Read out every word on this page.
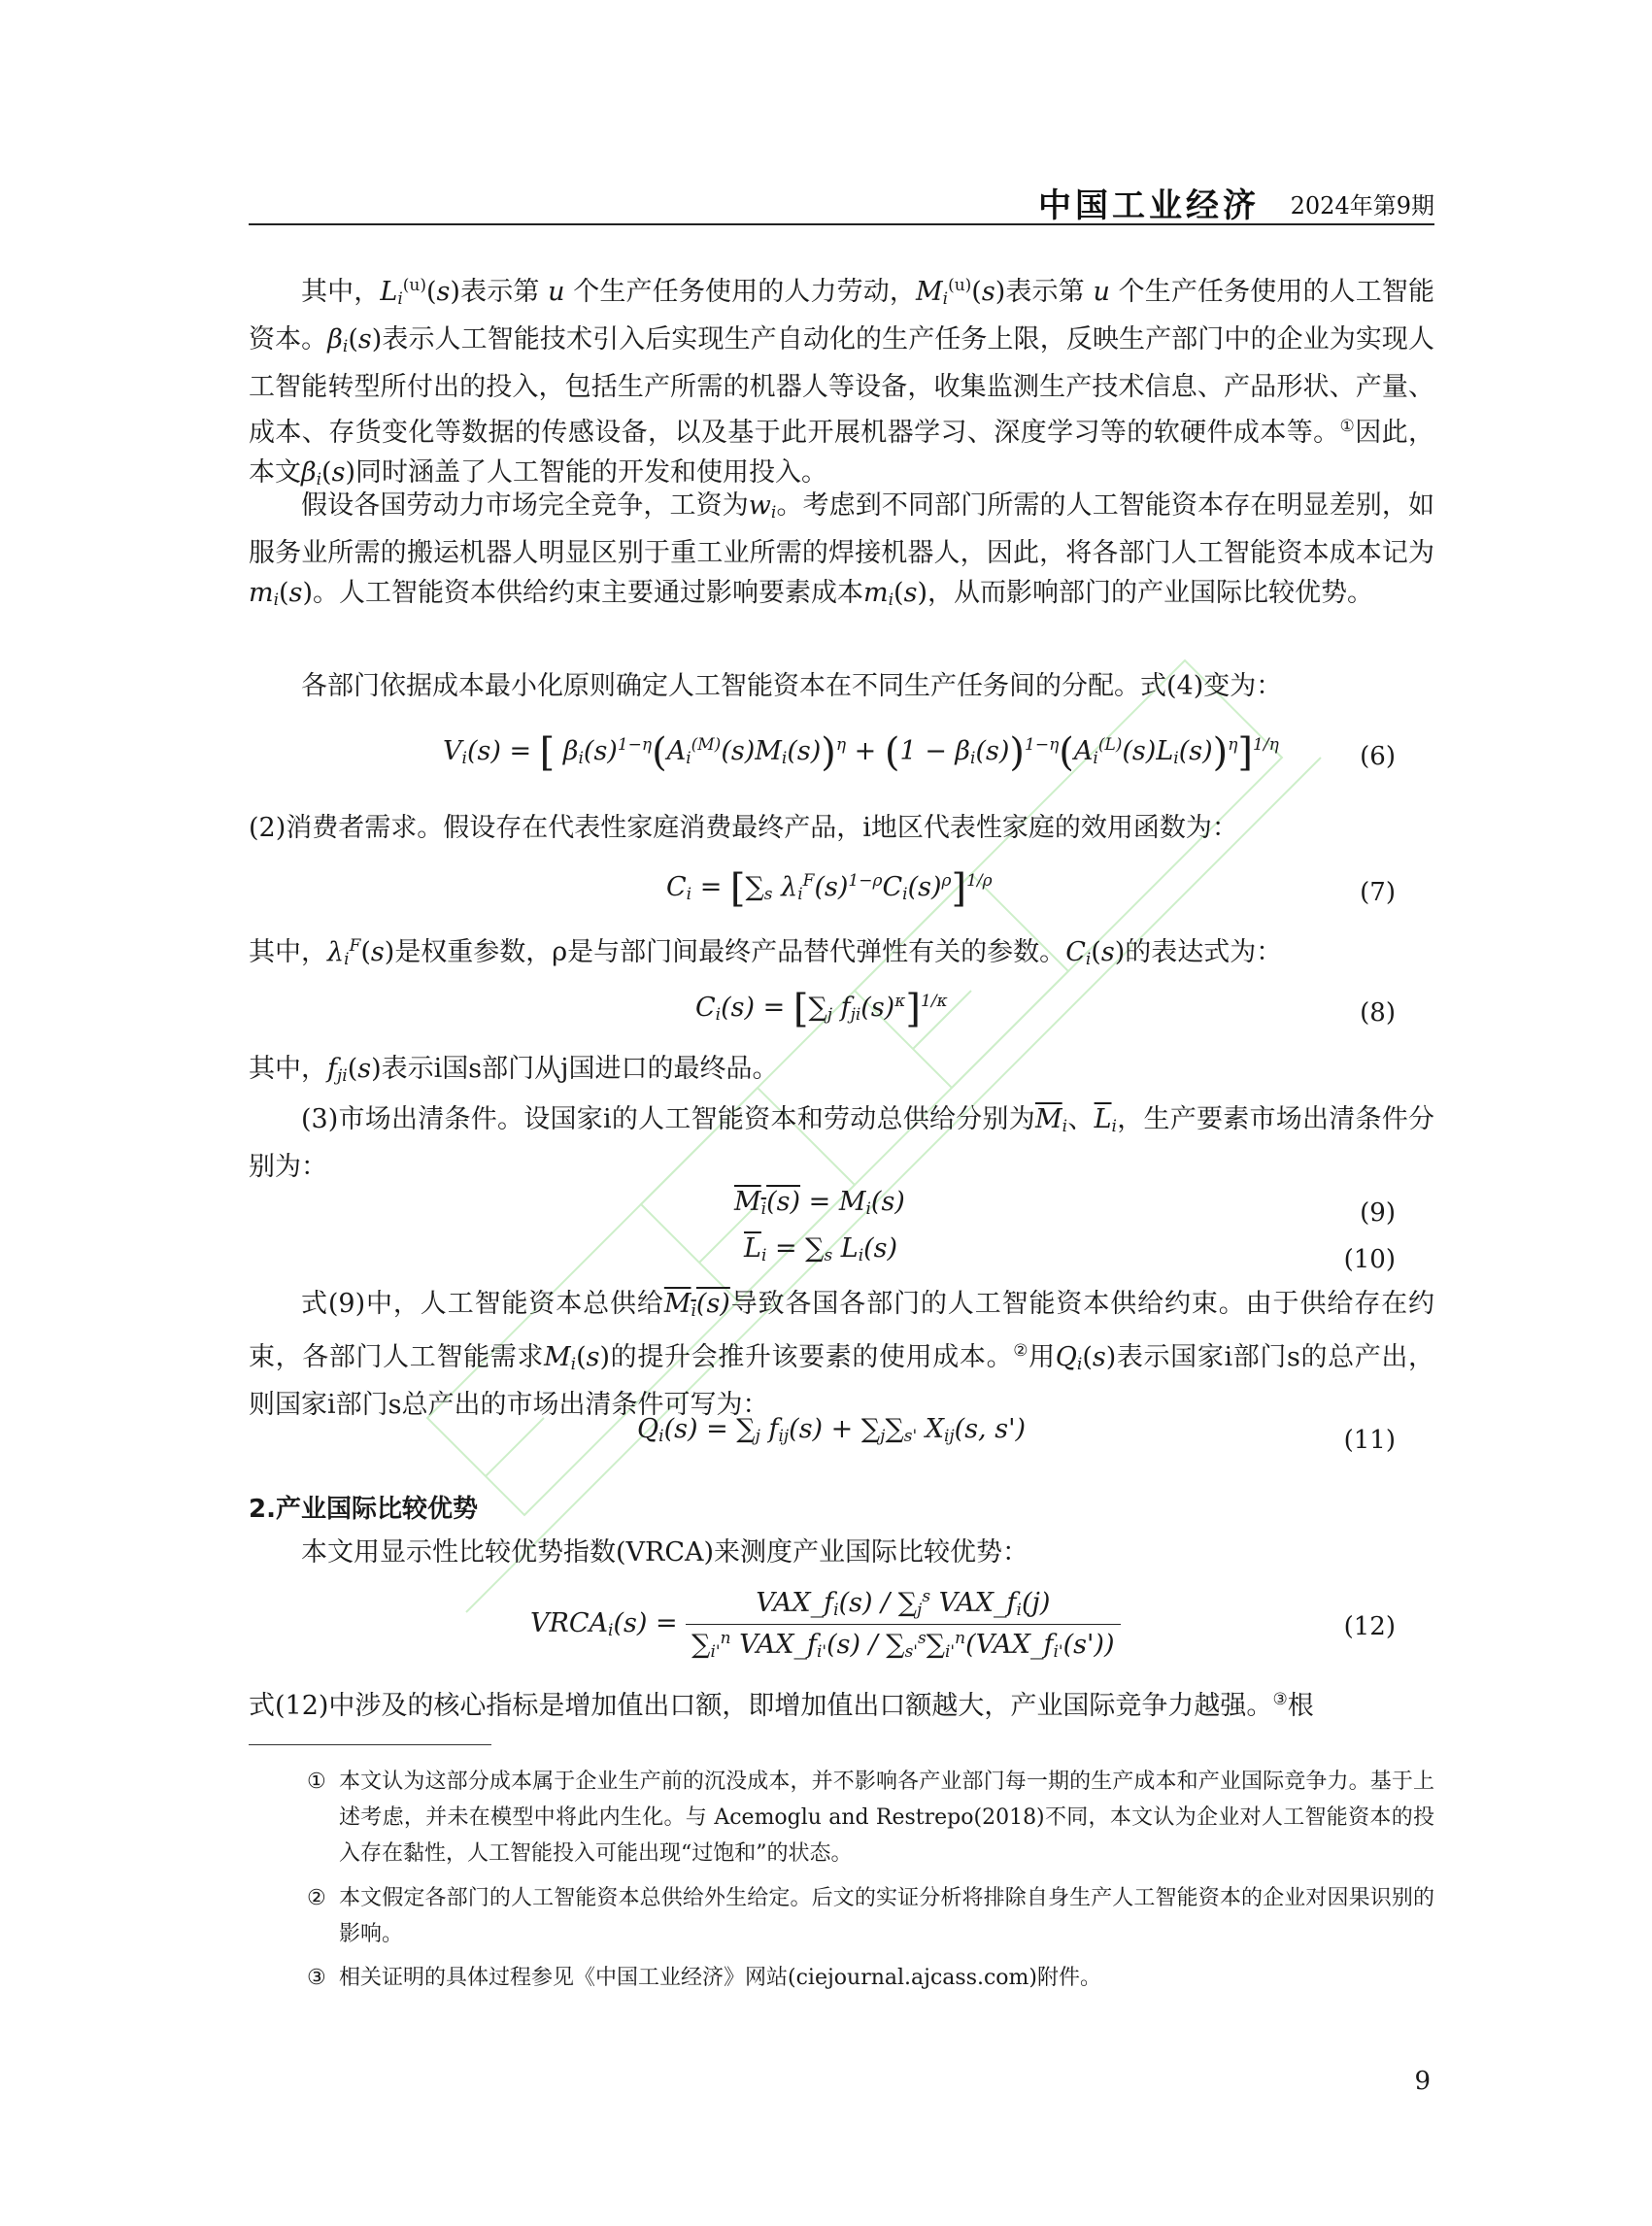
中国工业经济 2024年第9期

其中，$L_i^{(u)}(s)$表示第 u 个生产任务使用的人力劳动，$M_i^{(u)}(s)$表示第 u 个生产任务使用的人工智能资本。$\beta_i(s)$表示人工智能技术引入后实现生产自动化的生产任务上限，反映生产部门中的企业为实现人工智能转型所付出的投入，包括生产所需的机器人等设备，收集监测生产技术信息、产品形状、产量、成本、存货变化等数据的传感设备，以及基于此开展机器学习、深度学习等的软硬件成本等。①因此，本文$\beta_i(s)$同时涵盖了人工智能的开发和使用投入。

假设各国劳动力市场完全竞争，工资为$w_i$。考虑到不同部门所需的人工智能资本存在明显差别，如服务业所需的搬运机器人明显区别于重工业所需的焊接机器人，因此，将各部门人工智能资本成本记为$m_i(s)$。人工智能资本供给约束主要通过影响要素成本$m_i(s)$，从而影响部门的产业国际比较优势。

各部门依据成本最小化原则确定人工智能资本在不同生产任务间的分配。式(4)变为：

$V_i(s)$ = [ $\beta_i(s)^{1-\eta}(A_i^{(M)}(s)M_i(s))^\eta + (1 - \beta_i(s))^{1-\eta}(A_i^{(L)}(s)L_i(s))^\eta]^{1/\eta}$	(6)

(2)消费者需求。假设存在代表性家庭消费最终产品，i地区代表性家庭的效用函数为：

$C_i = [\sum_s$ $\lambda_i^F(s)^{1-\rho}C_i(s)^\rho]^{1/\rho}$	(7)

其中，$\lambda_i^F(s)$是权重参数，ρ是与部门间最终产品替代弹性有关的参数。$C_i(s)$的表达式为：

$C_i(s) = [\sum_j$ $f_{ji}(s)^\kappa]^{1/\kappa}$	(8)

其中，$f_{ji}(s)$表示i国s部门从j国进口的最终品。

(3)市场出清条件。设国家i的人工智能资本和劳动总供给分别为$\overline{M}_i$、$\overline{L}_i$，生产要素市场出清条件分别为：

$M_i(s) = M_i(s)$	(9)
$\overline{L}_i = \sum_s$ $L_i(s)$	(10)

式(9)中，人工智能资本总供给$M_i(s)$导致各国各部门的人工智能资本供给约束。由于供给存在约束，各部门人工智能需求$M_i(s)$的提升会推升该要素的使用成本。②用$Q_i(s)$表示国家i部门s的总产出，则国家i部门s总产出的市场出清条件可写为：

$Q_i(s) = \sum_j$ $f_{ij}(s) + \sum_j\sum_{s'}$ $X_{ij}(s$, s')	(11)

2.产业国际比较优势

本文用显示性比较优势指数(VRCA)来测度产业国际比较优势：

$VRCA_i(s) = \frac{VAX\_f_i(s) / \sum_j^s VAX\_f_i(j)}{\sum_{i'}^n VAX\_f_{i'}(s) / \sum_{s'}^s\sum_{i'}^n(VAX\_f_{i'}(s'))}$	(12)

式(12)中涉及的核心指标是增加值出口额，即增加值出口额越大，产业国际竞争力越强。③根

① 本文认为这部分成本属于企业生产前的沉没成本，并不影响各产业部门每一期的生产成本和产业国际竞争力。基于上述考虑，并未在模型中将此内生化。与 Acemoglu and Restrepo(2018)不同，本文认为企业对人工智能资本的投入存在黏性，人工智能投入可能出现“过饱和”的状态。
② 本文假定各部门的人工智能资本总供给外生给定。后文的实证分析将排除自身生产人工智能资本的企业对因果识别的影响。
③ 相关证明的具体过程参见《中国工业经济》网站(ciejournal.ajcass.com)附件。
9
